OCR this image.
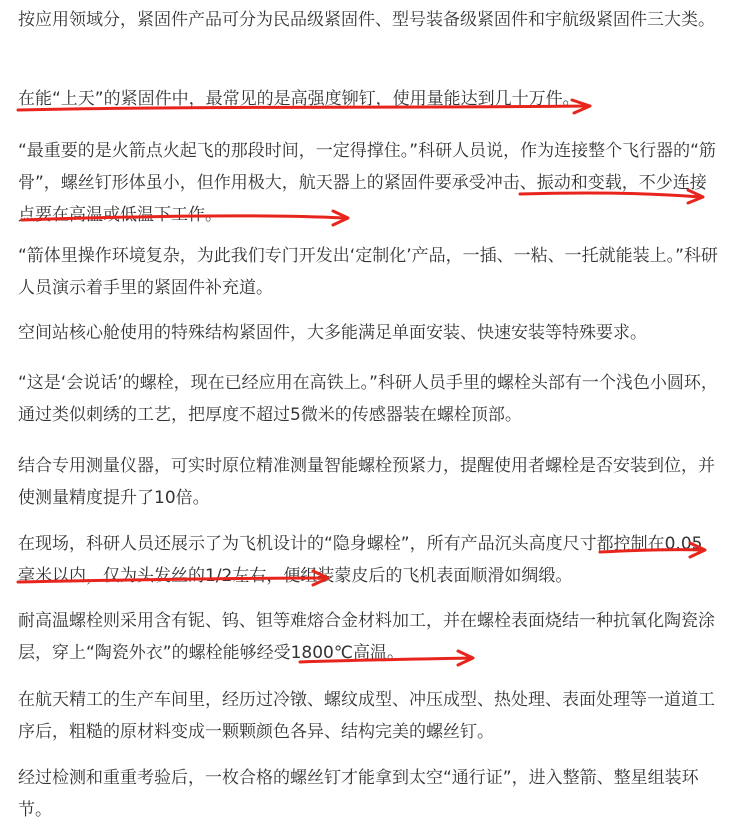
按应用领域分，紧固件产品可分为民品级紧固件、型号装备级紧固件和宇航级紧固件三大类。

在能“上天”的紧固件中，最常见的是高强度铆钉，使用量能达到几十万件。

“最重要的是火箭点火起飞的那段时间，一定得撑住。”科研人员说，作为连接整个飞行器的“筋骨”，螺丝钉形体虽小，但作用极大，航天器上的紧固件要承受冲击、振动和变载，不少连接点要在高温或低温下工作。

“箭体里操作环境复杂，为此我们专门开发出‘定制化’产品，一插、一粘、一托就能装上。”科研人员演示着手里的紧固件补充道。

空间站核心舱使用的特殊结构紧固件，大多能满足单面安装、快速安装等特殊要求。

“这是‘会说话’的螺栓，现在已经应用在高铁上。”科研人员手里的螺栓头部有一个浅色小圆环，通过类似刺绣的工艺，把厚度不超过5微米的传感器装在螺栓顶部。

结合专用测量仪器，可实时原位精准测量智能螺栓预紧力，提醒使用者螺栓是否安装到位，并使测量精度提升了10倍。

在现场，科研人员还展示了为飞机设计的“隐身螺栓”，所有产品沉头高度尺寸都控制在0.05毫米以内，仅为头发丝的1/2左右，便组装蒙皮后的飞机表面顺滑如绸缎。

耐高温螺栓则采用含有铌、钨、钽等难熔合金材料加工，并在螺栓表面烧结一种抗氧化陶瓷涂层，穿上“陶瓷外衣”的螺栓能够经受1800℃高温。

在航天精工的生产车间里，经历过冷镦、螺纹成型、冲压成型、热处理、表面处理等一道道工序后，粗糙的原材料变成一颗颗颜色各异、结构完美的螺丝钉。

经过检测和重重考验后，一枚合格的螺丝钉才能拿到太空“通行证”，进入整箭、整星组装环节。
